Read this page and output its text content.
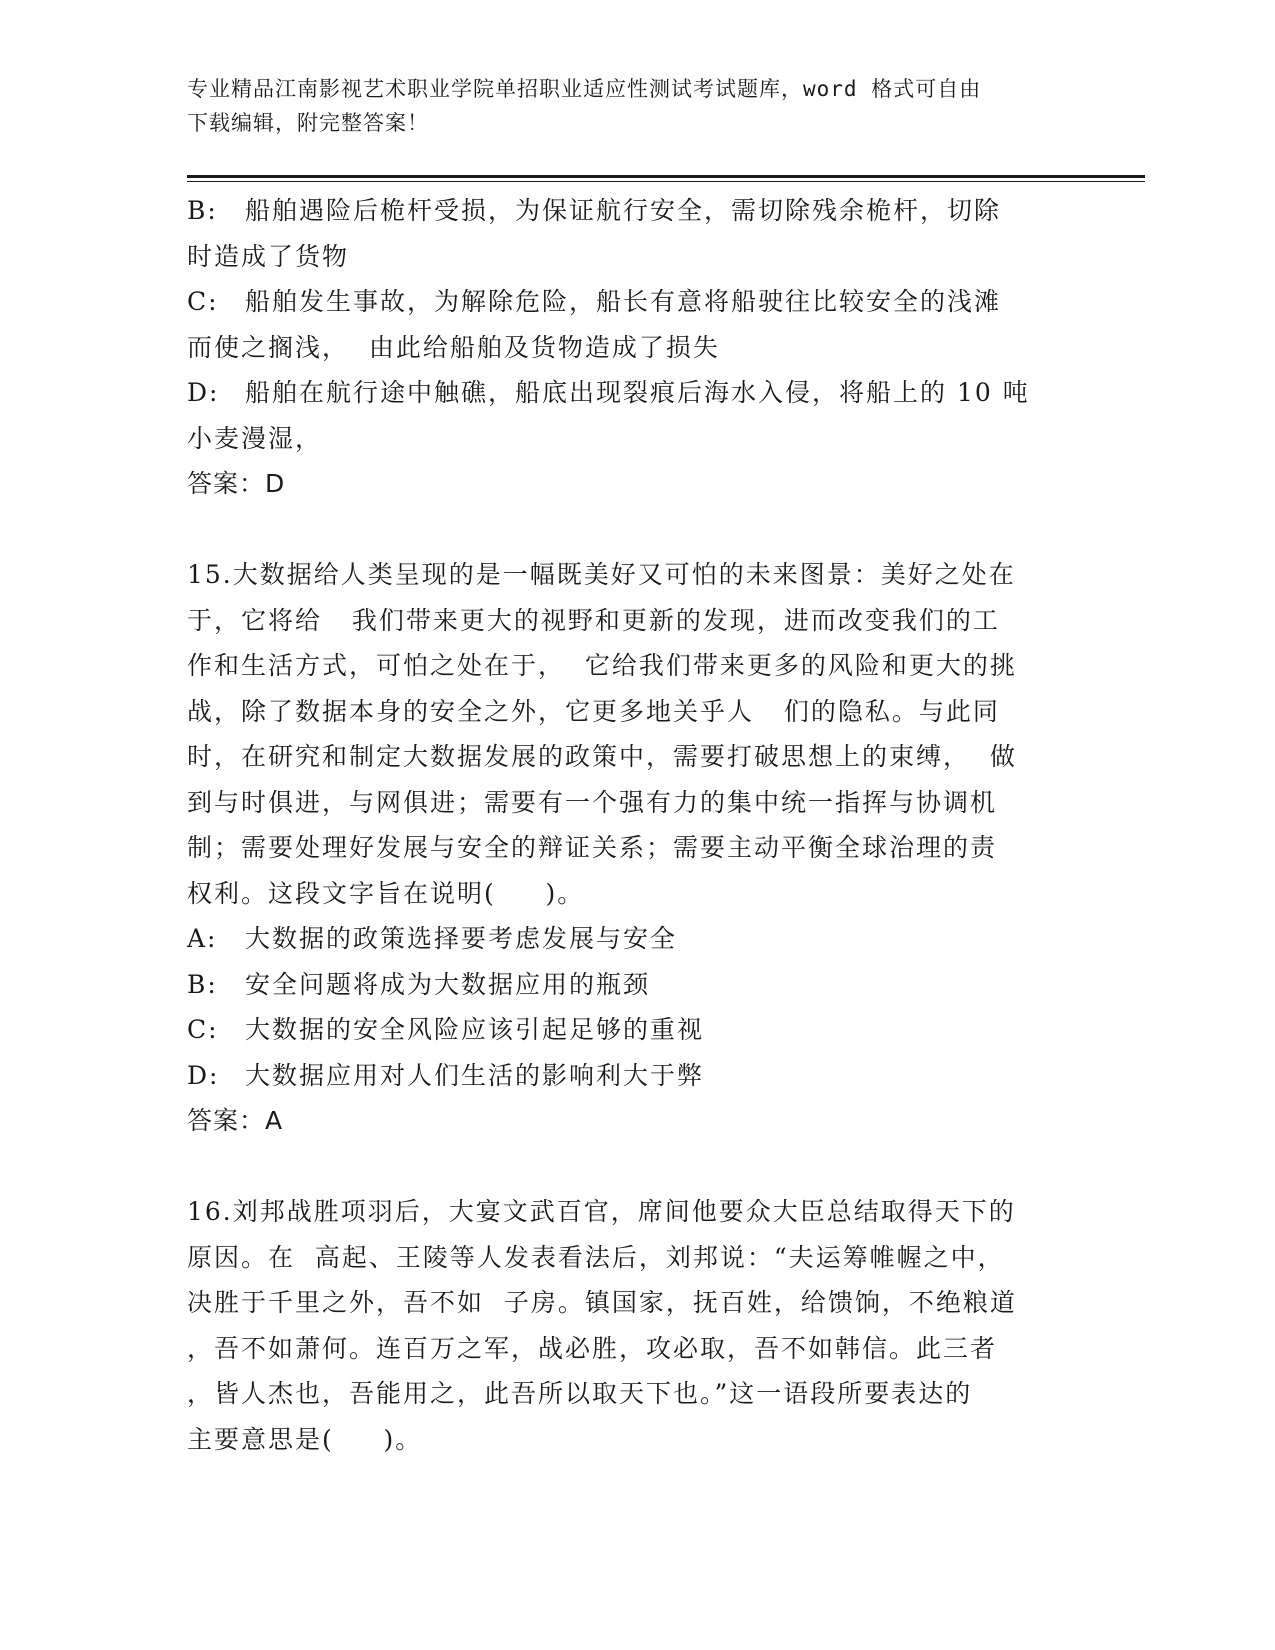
专业精品江南影视艺术职业学院单招职业适应性测试考试题库，word 格式可自由
下载编辑，附完整答案！
B:	船舶遇险后桅杆受损，为保证航行安全，需切除残余桅杆，切除
时造成了货物
C:	船舶发生事故，为解除危险，船长有意将船驶往比较安全的浅滩
而使之搁浅，  由此给船舶及货物造成了损失
D:	船舶在航行途中触礁，船底出现裂痕后海水入侵，将船上的 10 吨
小麦漫湿，
答案：D
15.大数据给人类呈现的是一幅既美好又可怕的未来图景：美好之处在
于，它将给   我们带来更大的视野和更新的发现，进而改变我们的工
作和生活方式，可怕之处在于，  它给我们带来更多的风险和更大的挑
战，除了数据本身的安全之外，它更多地关乎人   们的隐私。与此同
时，在研究和制定大数据发展的政策中，需要打破思想上的束缚，  做
到与时俱进，与网俱进；需要有一个强有力的集中统一指挥与协调机
制；需要处理好发展与安全的辩证关系；需要主动平衡全球治理的责
权利。这段文字旨在说明(     )。
A:	大数据的政策选择要考虑发展与安全
B:	安全问题将成为大数据应用的瓶颈
C:	大数据的安全风险应该引起足够的重视
D:	大数据应用对人们生活的影响利大于弊
答案：A
16.刘邦战胜项羽后，大宴文武百官，席间他要众大臣总结取得天下的
原因。在  高起、王陵等人发表看法后，刘邦说：“夫运筹帷幄之中，
决胜于千里之外，吾不如  子房。镇国家，抚百姓，给馈饷，不绝粮道
，吾不如萧何。连百万之军，战必胜，攻必取，吾不如韩信。此三者
，皆人杰也，吾能用之，此吾所以取天下也。”这一语段所要表达的
主要意思是(     )。
